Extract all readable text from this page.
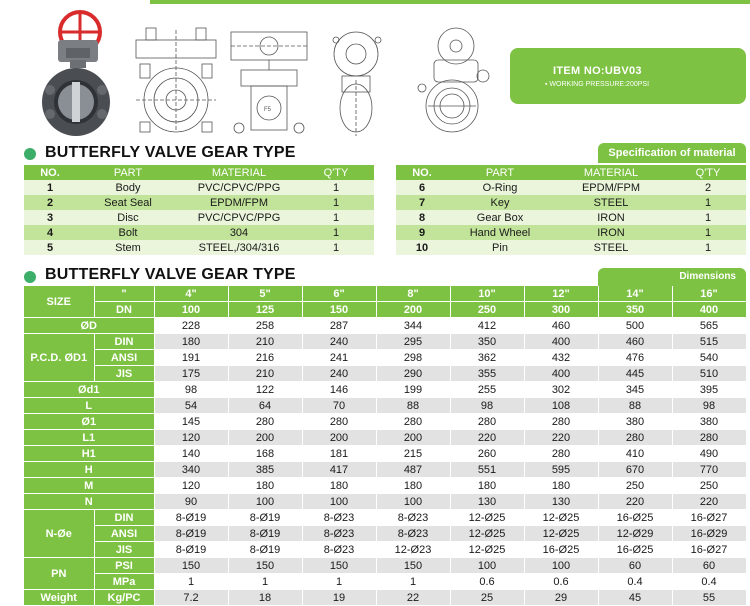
F5
ITEM NO:UBV03
▪ WORKING PRESSURE:200PSI
BUTTERFLY VALVE GEAR TYPE	Specification of material
NO.	PART	MATERIAL	Q'TY
1	Body	PVC/CPVC/PPG	1
2	Seat Seal	EPDM/FPM	1
3	Disc	PVC/CPVC/PPG	1
4	Bolt	304	1
5	Stem	STEEL,/304/316	1
NO.	PART	MATERIAL	Q'TY
6	O-Ring	EPDM/FPM	2
7	Key	STEEL	1
8	Gear Box	IRON	1
9	Hand Wheel	IRON	1
10	Pin	STEEL	1
BUTTERFLY VALVE GEAR TYPE	Dimensions
SIZE	"	4"	5"	6"	8"	10"	12"	14"	16"
	DN	100	125	150	200	250	300	350	400
ØD		228	258	287	344	412	460	500	565
P.C.D. ØD1	DIN	180	210	240	295	350	400	460	515
	ANSI	191	216	241	298	362	432	476	540
	JIS	175	210	240	290	355	400	445	510
Ød1		98	122	146	199	255	302	345	395
L		54	64	70	88	98	108	88	98
Ø1		145	280	280	280	280	280	380	380
L1		120	200	200	200	220	220	280	280
H1		140	168	181	215	260	280	410	490
H		340	385	417	487	551	595	670	770
M		120	180	180	180	180	180	250	250
N		90	100	100	100	130	130	220	220
N-Øe	DIN	8-Ø19	8-Ø19	8-Ø23	8-Ø23	12-Ø25	12-Ø25	16-Ø25	16-Ø27
	ANSI	8-Ø19	8-Ø19	8-Ø23	8-Ø23	12-Ø25	12-Ø25	12-Ø29	16-Ø29
	JIS	8-Ø19	8-Ø19	8-Ø23	12-Ø23	12-Ø25	16-Ø25	16-Ø25	16-Ø27
PN	PSI	150	150	150	150	100	100	60	60
	MPa	1	1	1	1	0.6	0.6	0.4	0.4
Weight	Kg/PC	7.2	18	19	22	25	29	45	55
